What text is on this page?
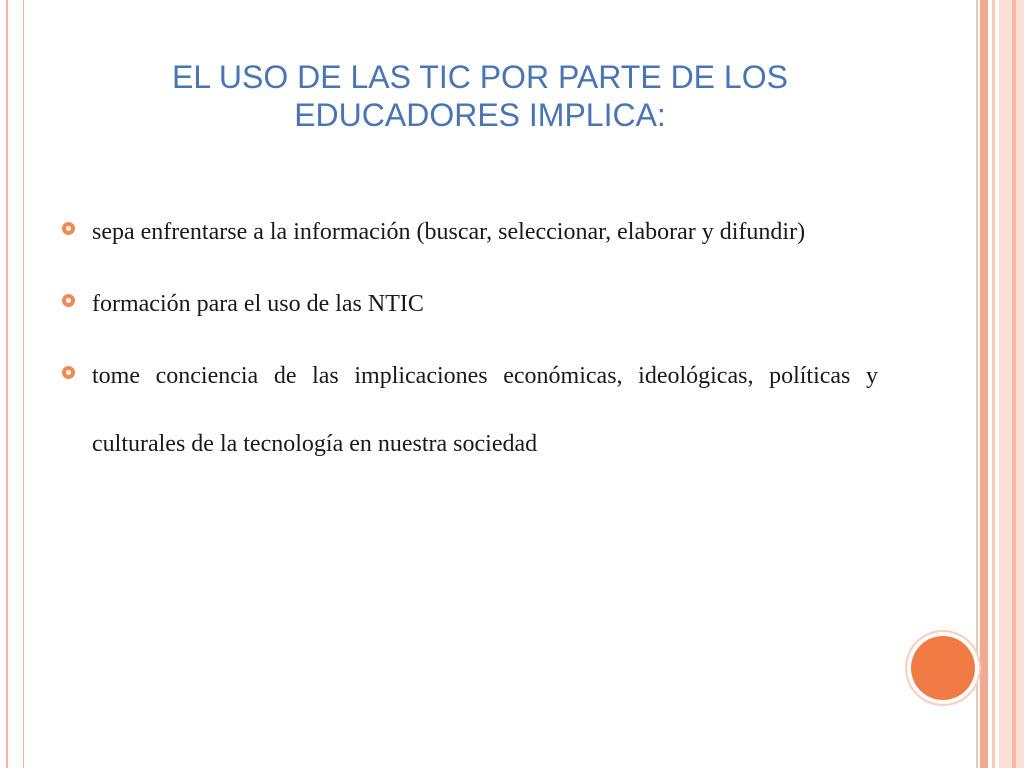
EL USO DE LAS TIC POR PARTE DE LOS
EDUCADORES IMPLICA:
sepa enfrentarse a la información (buscar, seleccionar, elaborar y difundir)
formación para el uso de las NTIC
tome conciencia de las implicaciones económicas, ideológicas, políticas y culturales de la tecnología en nuestra sociedad
